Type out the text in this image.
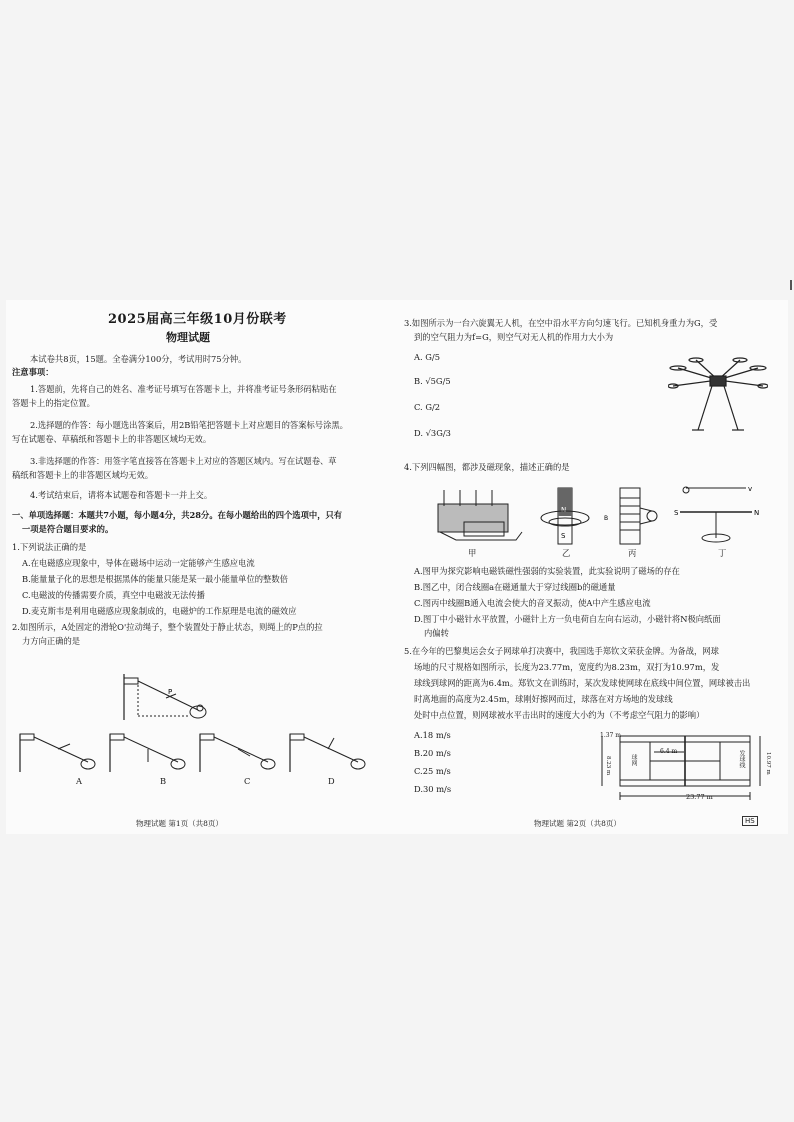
2025届高三年级10月份联考
物理试题
本试卷共8页，15题。全卷满分100分，考试用时75分钟。
注意事项：
1.答题前，先将自己的姓名、准考证号填写在答题卡上，并将准考证号条形码粘贴在
答题卡上的指定位置。
2.选择题的作答：每小题选出答案后，用2B铅笔把答题卡上对应题目的答案标号涂黑。
写在试题卷、草稿纸和答题卡上的非答题区域均无效。
3.非选择题的作答：用签字笔直接答在答题卡上对应的答题区域内。写在试题卷、草
稿纸和答题卡上的非答题区域均无效。
4.考试结束后，请将本试题卷和答题卡一并上交。
一、单项选择题：本题共7小题，每小题4分，共28分。在每小题给出的四个选项中，只有
一项是符合题目要求的。
1.下列说法正确的是
A.在电磁感应现象中，导体在磁场中运动一定能够产生感应电流
B.能量量子化的思想是根据黑体的能量只能是某一最小能量单位的整数倍
C.电磁波的传播需要介质，真空中电磁波无法传播
D.麦克斯韦是利用电磁感应现象制成的，电磁炉的工作原理是电流的磁效应
2.如图所示，A处固定的滑轮O'拉动绳子，整个装置处于静止状态，则绳上的P点的拉
力方向正确的是
P
A	B	C	D
物理试题 第1页（共8页）
3.如图所示为一台六旋翼无人机，在空中沿水平方向匀速飞行。已知机身重力为G，受
到的空气阻力为f=G，则空气对无人机的作用力大小为
A. G/5
B. √5G/5
C. G/2
D. √3G/3
4.下列四幅图，都涉及磁现象，描述正确的是
甲
N
S
乙
B
丙
v
S	N
丁
A.图甲为探究影响电磁铁磁性强弱的实验装置，此实验说明了磁场的存在
B.图乙中，闭合线圈a在磁通量大于穿过线圈b的磁通量
C.图丙中线圈B通入电流会使大的音叉振动，使A中产生感应电流
D.图丁中小磁针水平放置，小磁针上方一负电荷自左向右运动，小磁针将N极向纸面
内偏转
5.在今年的巴黎奥运会女子网球单打决赛中，我国选手郑钦文荣获金牌。为备战，网球
场地的尺寸规格如图所示，长度为23.77m，宽度约为8.23m，双打为10.97m，发
球线到球网的距离为6.4m。郑钦文在训练时，某次发球使网球在底线中间位置，网球被击出
时离地面的高度为2.45m，球刚好擦网而过，球落在对方场地的发球线
处时中点位置，则网球被水平击出时的速度大小约为（不考虑空气阻力的影响）
A.18 m/s
B.20 m/s
C.25 m/s
D.30 m/s
23.77 m
6.4 m
1.37 m
8.23 m	10.97 m
球网	发球线
物理试题 第2页（共8页）	HS
